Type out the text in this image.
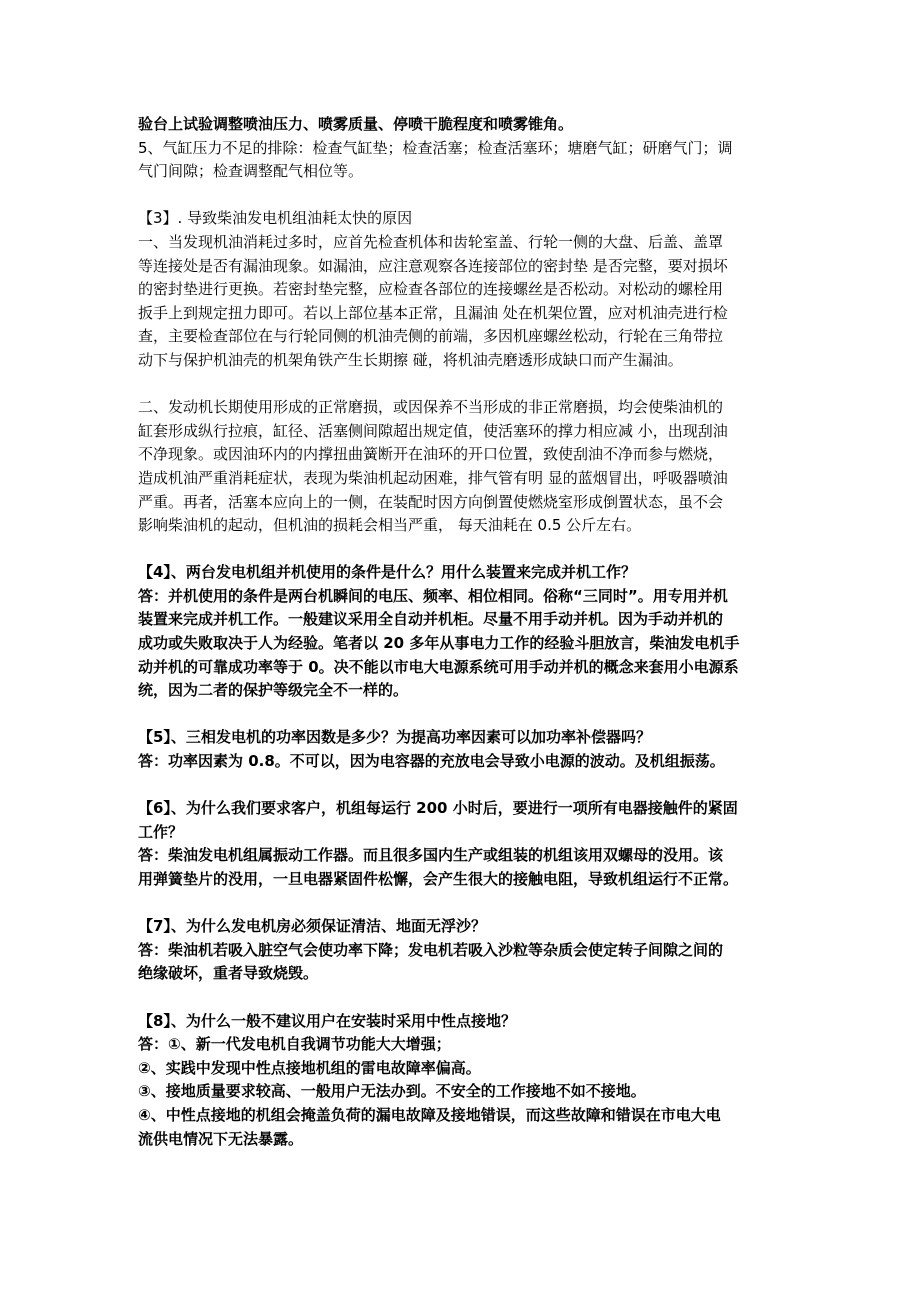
验台上试验调整喷油压力、喷雾质量、停喷干脆程度和喷雾锥角。
5、气缸压力不足的排除：检查气缸垫；检查活塞；检查活塞环；塘磨气缸；研磨气门；调
气门间隙；检查调整配气相位等。
【3】. 导致柴油发电机组油耗太快的原因
一、当发现机油消耗过多时，应首先检查机体和齿轮室盖、行轮一侧的大盘、后盖、盖罩
等连接处是否有漏油现象。如漏油，应注意观察各连接部位的密封垫 是否完整，要对损坏
的密封垫进行更换。若密封垫完整，应检查各部位的连接螺丝是否松动。对松动的螺栓用
扳手上到规定扭力即可。若以上部位基本正常，且漏油 处在机架位置，应对机油壳进行检
查，主要检查部位在与行轮同侧的机油壳侧的前端，多因机座螺丝松动，行轮在三角带拉
动下与保护机油壳的机架角铁产生长期擦 碰，将机油壳磨透形成缺口而产生漏油。
二、发动机长期使用形成的正常磨损，或因保养不当形成的非正常磨损，均会使柴油机的
缸套形成纵行拉痕，缸径、活塞侧间隙超出规定值，使活塞环的撑力相应减 小，出现刮油
不净现象。或因油环内的内撑扭曲簧断开在油环的开口位置，致使刮油不净而参与燃烧，
造成机油严重消耗症状，表现为柴油机起动困难，排气管有明 显的蓝烟冒出，呼吸器喷油
严重。再者，活塞本应向上的一侧，在装配时因方向倒置使燃烧室形成倒置状态，虽不会
影响柴油机的起动，但机油的损耗会相当严重， 每天油耗在 0.5 公斤左右。
【4】、两台发电机组并机使用的条件是什么？用什么装置来完成并机工作？
答：并机使用的条件是两台机瞬间的电压、频率、相位相同。俗称“三同时”。用专用并机
装置来完成并机工作。一般建议采用全自动并机柜。尽量不用手动并机。因为手动并机的
成功或失败取决于人为经验。笔者以 20 多年从事电力工作的经验斗胆放言，柴油发电机手
动并机的可靠成功率等于 0。决不能以市电大电源系统可用手动并机的概念来套用小电源系
统，因为二者的保护等级完全不一样的。
【5】、三相发电机的功率因数是多少？为提高功率因素可以加功率补偿器吗？
答：功率因素为 0.8。不可以，因为电容器的充放电会导致小电源的波动。及机组振荡。
【6】、为什么我们要求客户，机组每运行 200 小时后，要进行一项所有电器接触件的紧固
工作？
答：柴油发电机组属振动工作器。而且很多国内生产或组装的机组该用双螺母的没用。该
用弹簧垫片的没用，一旦电器紧固件松懈，会产生很大的接触电阻，导致机组运行不正常。
【7】、为什么发电机房必须保证清洁、地面无浮沙？
答：柴油机若吸入脏空气会使功率下降；发电机若吸入沙粒等杂质会使定转子间隙之间的
绝缘破坏，重者导致烧毁。
【8】、为什么一般不建议用户在安装时采用中性点接地？
答：①、新一代发电机自我调节功能大大增强；
②、实践中发现中性点接地机组的雷电故障率偏高。
③、接地质量要求较高、一般用户无法办到。不安全的工作接地不如不接地。
④、中性点接地的机组会掩盖负荷的漏电故障及接地错误，而这些故障和错误在市电大电
流供电情况下无法暴露。
